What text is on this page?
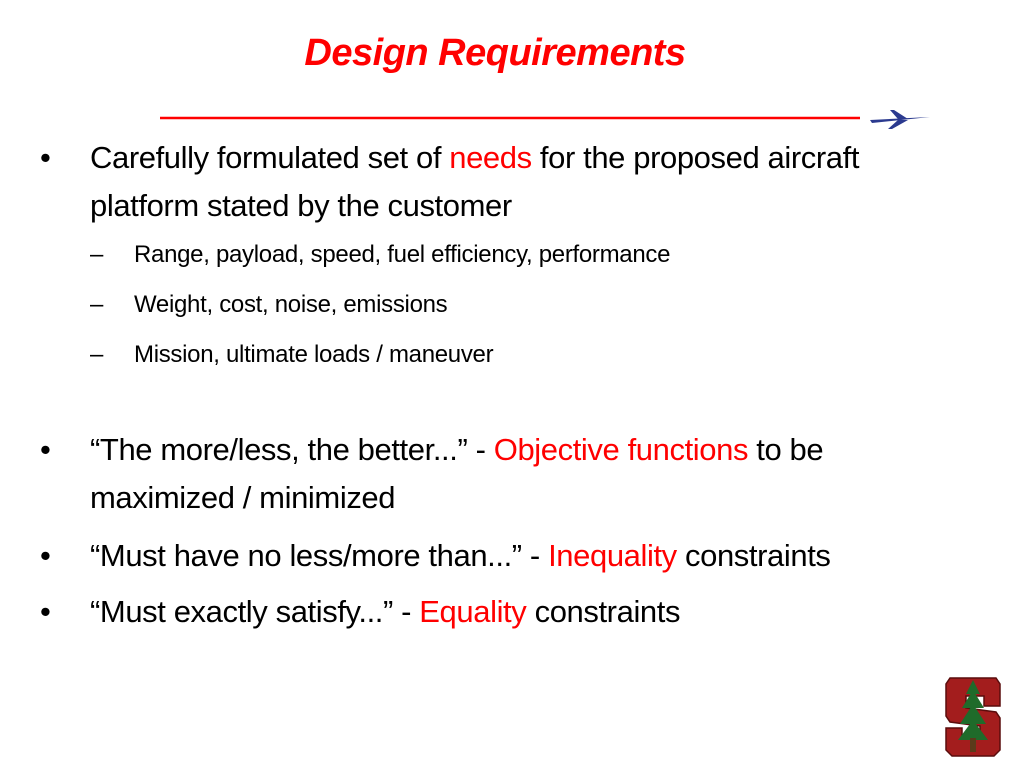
Design Requirements
•	Carefully formulated set of needs for the proposed aircraft platform stated by the customer
– Range, payload, speed, fuel efficiency, performance
– Weight, cost, noise, emissions
– Mission, ultimate loads / maneuver
•	“The more/less, the better...” - Objective functions to be maximized / minimized
•	“Must have no less/more than...” - Inequality constraints
•	“Must exactly satisfy...” - Equality constraints
